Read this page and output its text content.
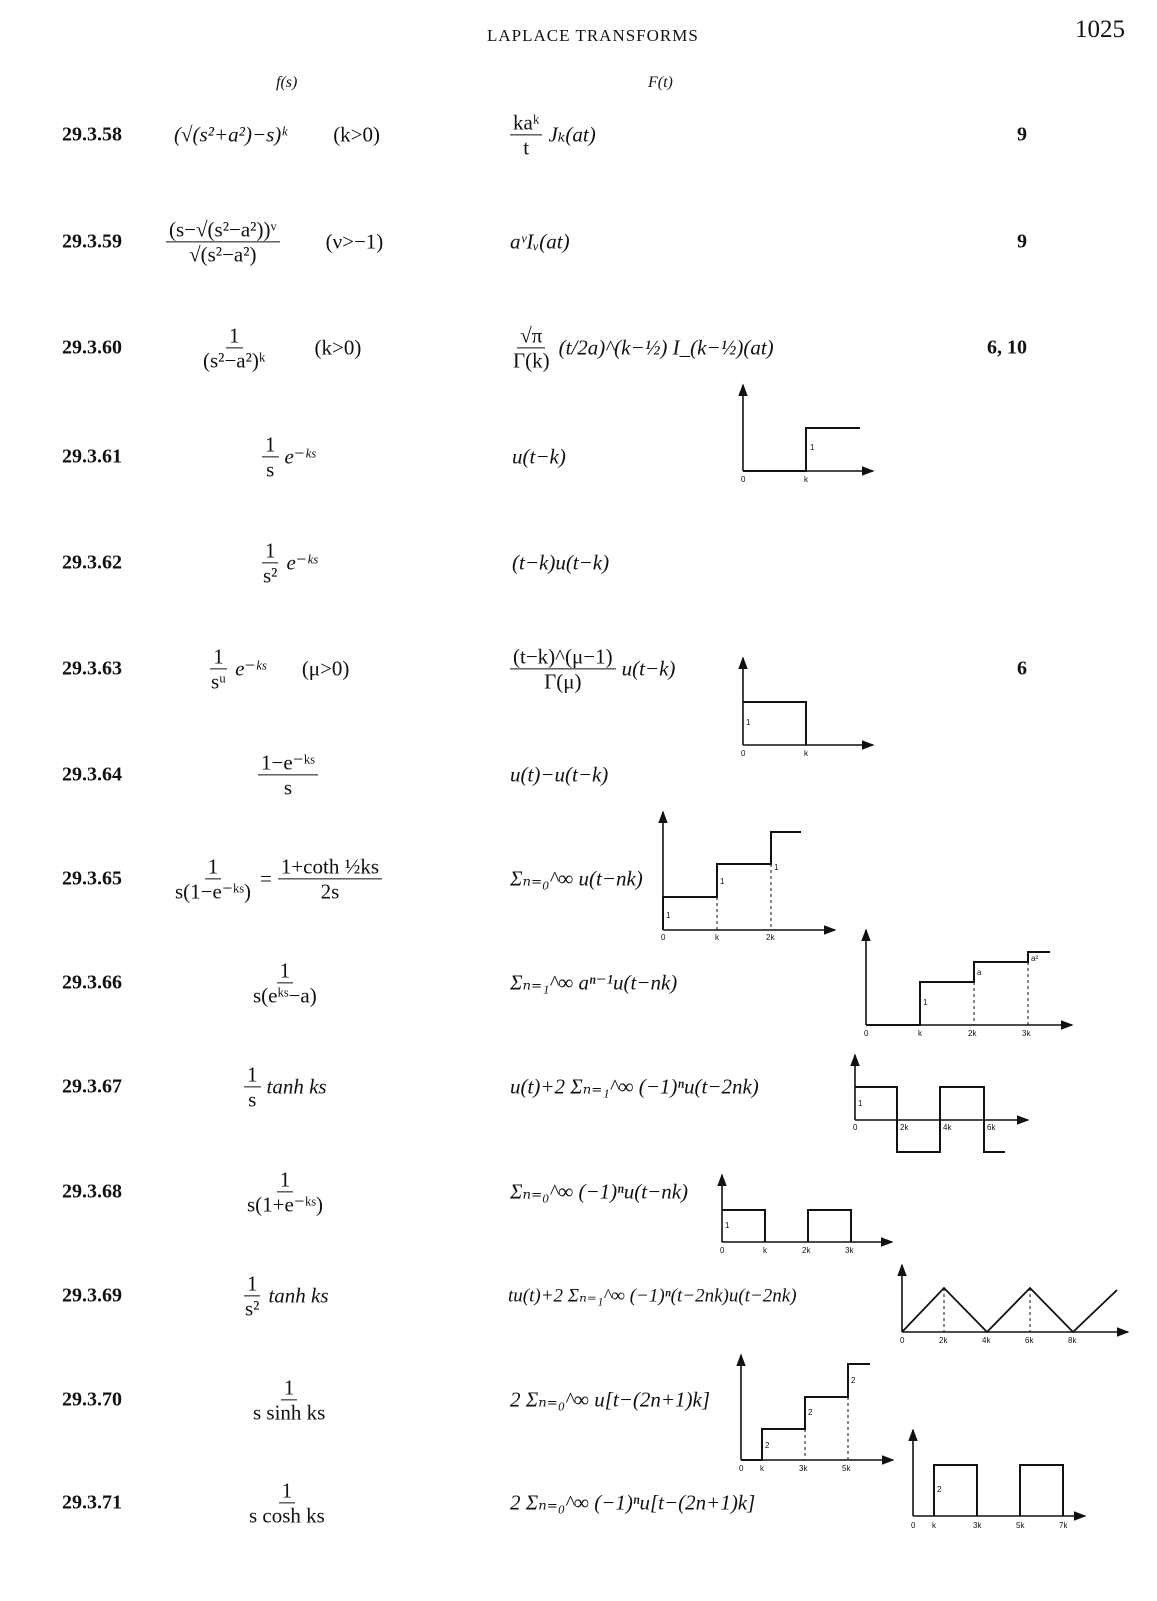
LAPLACE TRANSFORMS	1025
f(s)	F(t)
29.3.58 (√(s²+a²)−s)ᵏ (k>0)	$\frac{\text{kaᵏ}}{t} J_k(at)$	9
$29.3.59 \frac{\text{(s−√(s²−a²))ᵛ}}{\text{√(s²−a²)}} (\nu>-1)$	aᵛIᵥ(at)	9
29.3.60	$\frac{1}{\text{(s²−a²)ᵏ}} (k>0)$	$\frac{√\pi}{\Gamma(k)}$ (t/2a)^(k−½) I_(k−½)(at)	6, 10
29.3.61	$\frac{1}{s}$ e⁻ᵏˢ	u(t−k)
29.3.62	$\frac{1}{\text{s²}}$ e⁻ᵏˢ	(t−k)u(t−k)
29.3.63	$\frac{1}{\text{sᵘ}}$ e⁻ᵏˢ (μ>0)	$\frac{(t-k)\^{}(\mu-1)}{\Gamma(\mu)} u(t-k)$	6
29.3.64	$\frac{\text{1−e⁻ᵏˢ}}{s}$	u(t)−u(t−k)
$29.3.65 \frac{1}{\text{s(1−e⁻ᵏˢ)}} = \frac{\text{1+coth ½ks}}{2s}$	Σₙ₌₀^∞ u(t−nk)
29.3.66	$\frac{1}{\text{s(eᵏˢ−a)}}$	Σₙ₌₁^∞ aⁿ⁻¹u(t−nk)
29.3.67	$\frac{1}{s}$ tanh ks	u(t)+2 Σₙ₌₁^∞ (−1)ⁿu(t−2nk)
29.3.68	$\frac{1}{\text{s(1+e⁻ᵏˢ)}}$	Σₙ₌₀^∞ (−1)ⁿu(t−nk)
29.3.69	$\frac{1}{\text{s²}}$ tanh ks	tu(t)+2 Σₙ₌₁^∞ (−1)ⁿ(t−2nk)u(t−2nk)
29.3.70	$\frac{1}{\text{s sinh ks}}$	2 Σₙ₌₀^∞ u[t−(2n+1)k]
29.3.71	$\frac{1}{\text{s cosh ks}}$	2 Σₙ₌₀^∞ (−1)ⁿu[t−(2n+1)k]
0	k
1
0	k
1
0	k	2k
1
1
1
0	k	2k	3k
1
a
a²
0	2k	4k	6k
1
0	k	2k	3k
1
0	2k	4k	6k	8k
0 k	3k	5k
2
2
2
0 k	3k	5k	7k
2
